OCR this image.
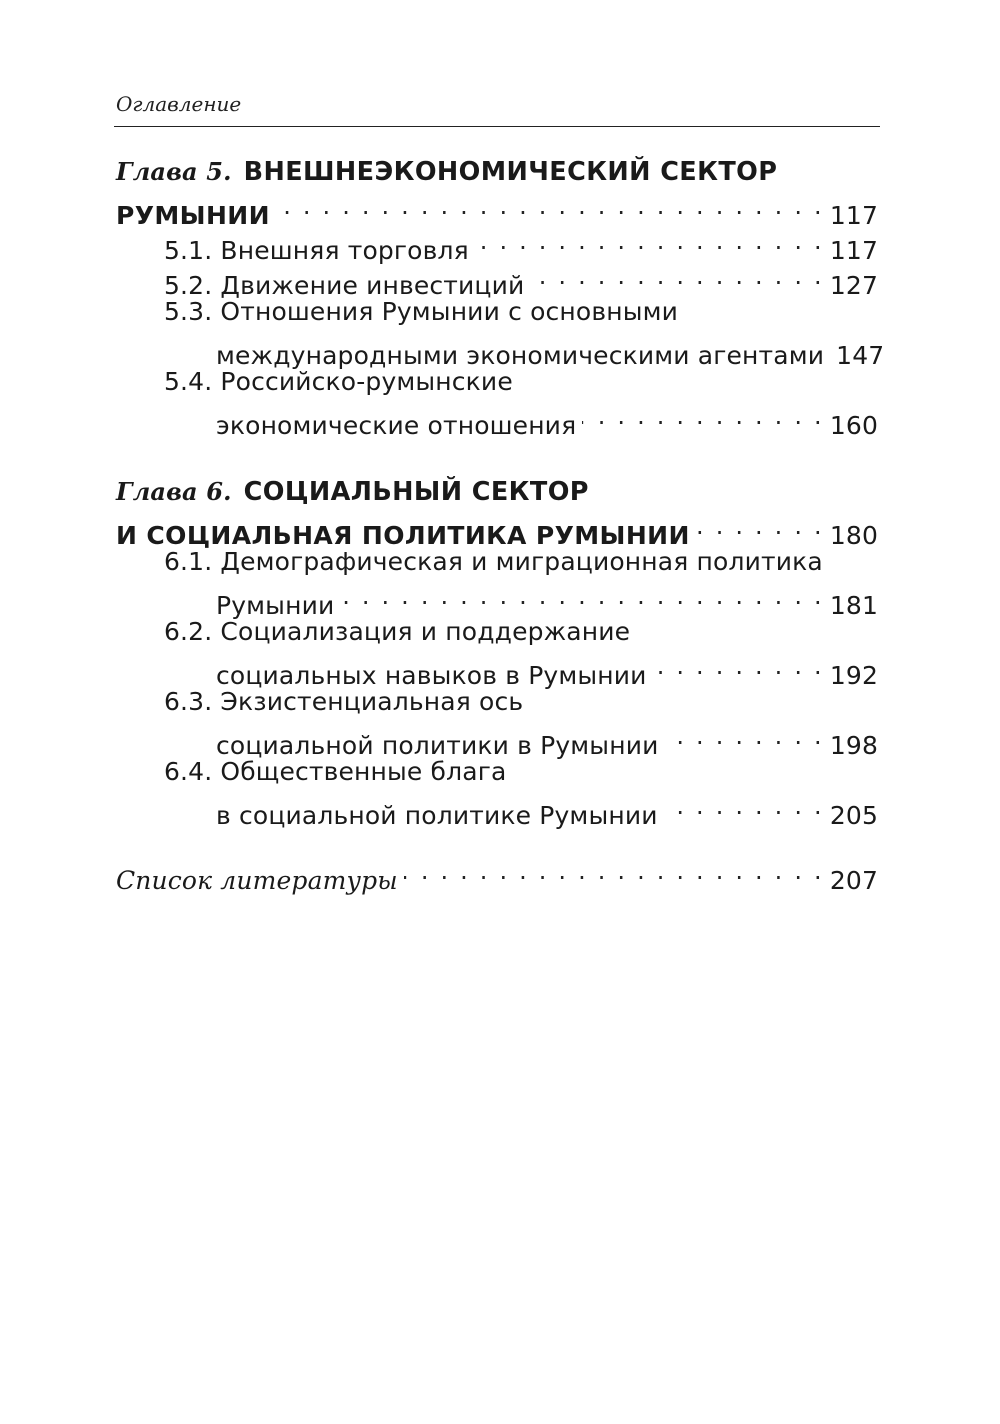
Оглавление
Глава 5. ВНЕШНЕЭКОНОМИЧЕСКИЙ СЕКТОР
РУМЫНИИ . . .	117
5.1. Внешняя торговля . . .	117
5.2. Движение инвестиций . . .	127
5.3. Отношения Румынии с основными
международными экономическими агентами 147
5.4. Российско-румынские
экономические отношения . . .	160
Глава 6. СОЦИАЛЬНЫЙ СЕКТОР
И СОЦИАЛЬНАЯ ПОЛИТИКА РУМЫНИИ . . .	180
6.1. Демографическая и миграционная политика
Румынии . . .	181
6.2. Социализация и поддержание
социальных навыков в Румынии . . .	192
6.3. Экзистенциальная ось
социальной политики в Румынии . . .	198
6.4. Общественные блага
в социальной политике Румынии . . .	205
Список литературы . . .	207
